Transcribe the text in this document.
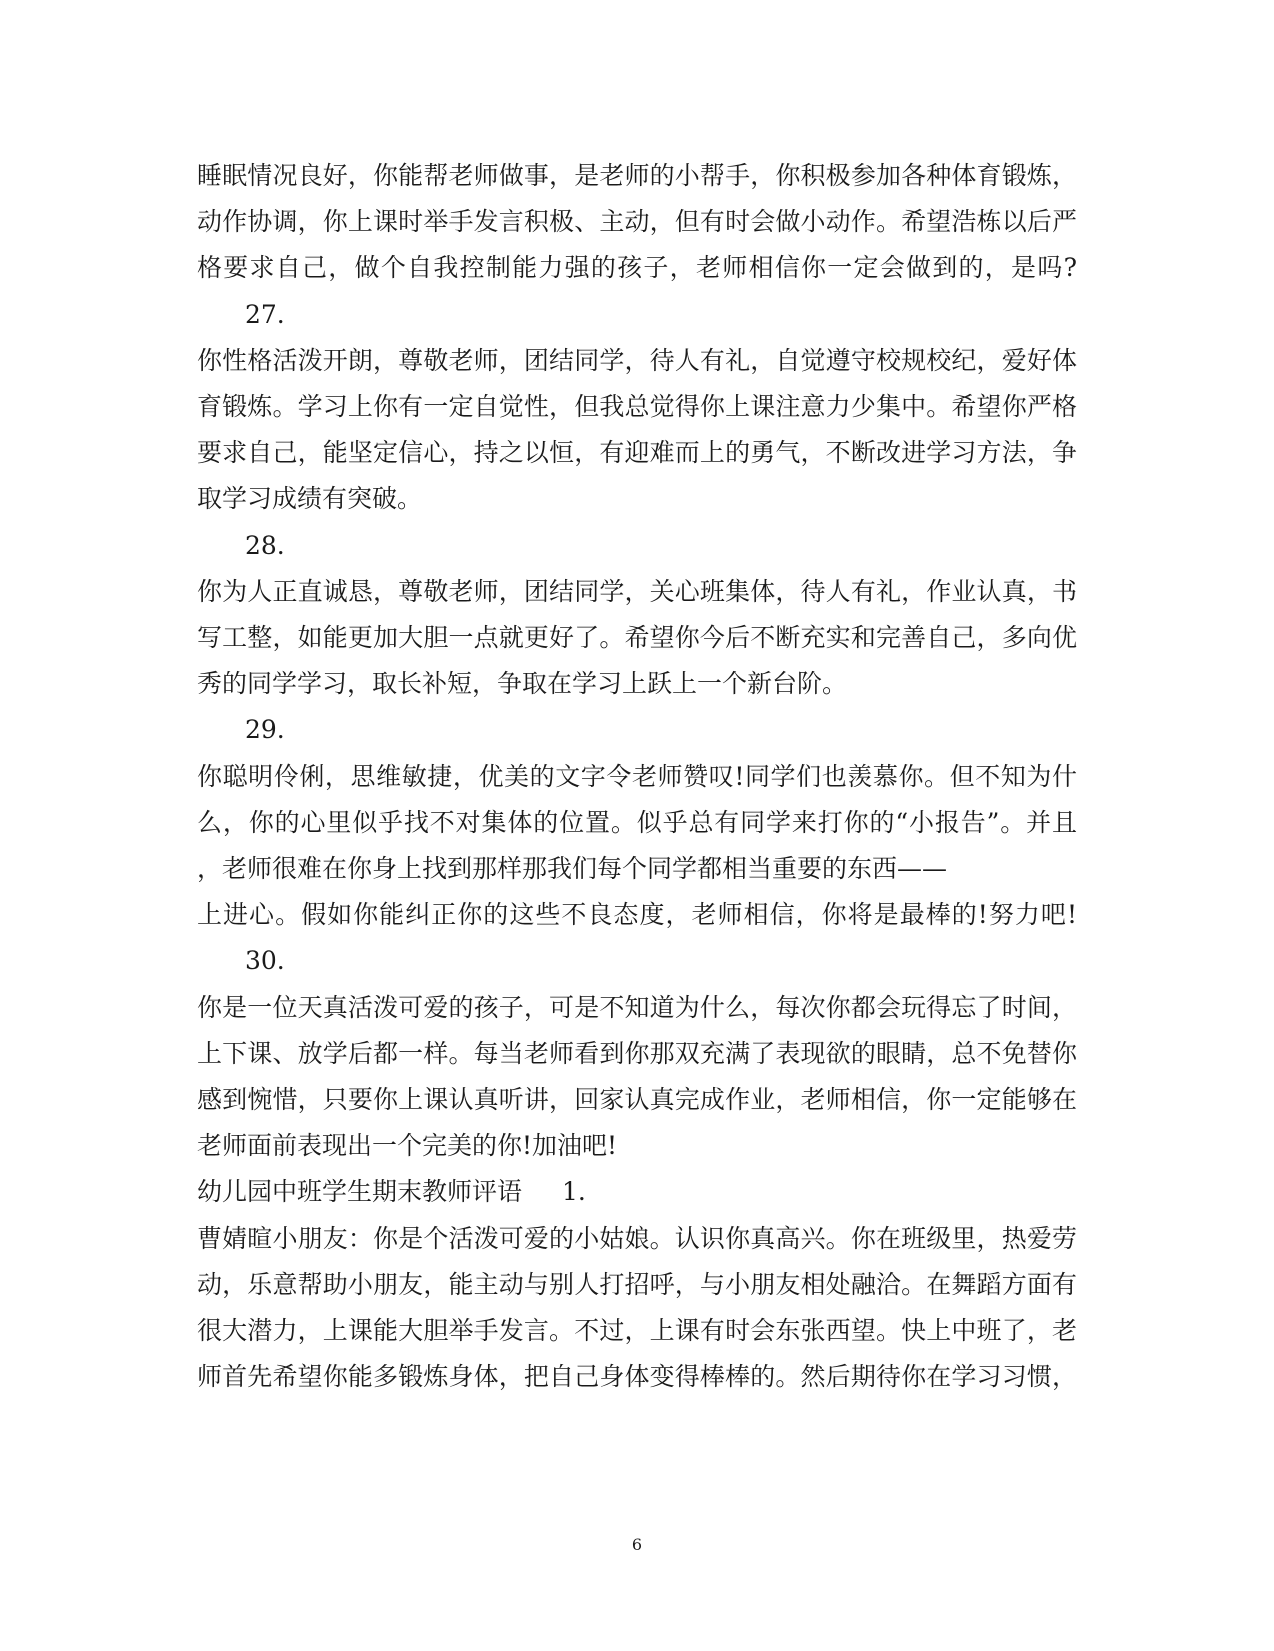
睡眠情况良好，你能帮老师做事，是老师的小帮手，你积极参加各种体育锻炼，
动作协调，你上课时举手发言积极、主动，但有时会做小动作。希望浩栋以后严
格要求自己，做个自我控制能力强的孩子，老师相信你一定会做到的，是吗?
27.
你性格活泼开朗，尊敬老师，团结同学，待人有礼，自觉遵守校规校纪，爱好体
育锻炼。学习上你有一定自觉性，但我总觉得你上课注意力少集中。希望你严格
要求自己，能坚定信心，持之以恒，有迎难而上的勇气，不断改进学习方法，争
取学习成绩有突破。
28.
你为人正直诚恳，尊敬老师，团结同学，关心班集体，待人有礼，作业认真，书
写工整，如能更加大胆一点就更好了。希望你今后不断充实和完善自己，多向优
秀的同学学习，取长补短，争取在学习上跃上一个新台阶。
29.
你聪明伶俐，思维敏捷，优美的文字令老师赞叹!同学们也羡慕你。但不知为什
么，你的心里似乎找不对集体的位置。似乎总有同学来打你的“小报告”。并且
，老师很难在你身上找到那样那我们每个同学都相当重要的东西——
上进心。假如你能纠正你的这些不良态度，老师相信，你将是最棒的!努力吧!
30.
你是一位天真活泼可爱的孩子，可是不知道为什么，每次你都会玩得忘了时间，
上下课、放学后都一样。每当老师看到你那双充满了表现欲的眼睛，总不免替你
感到惋惜，只要你上课认真听讲，回家认真完成作业，老师相信，你一定能够在
老师面前表现出一个完美的你!加油吧!
幼儿园中班学生期末教师评语 1.
曹婧暄小朋友：你是个活泼可爱的小姑娘。认识你真高兴。你在班级里，热爱劳
动，乐意帮助小朋友，能主动与别人打招呼，与小朋友相处融洽。在舞蹈方面有
很大潜力，上课能大胆举手发言。不过，上课有时会东张西望。快上中班了，老
师首先希望你能多锻炼身体，把自己身体变得棒棒的。然后期待你在学习习惯，
6
